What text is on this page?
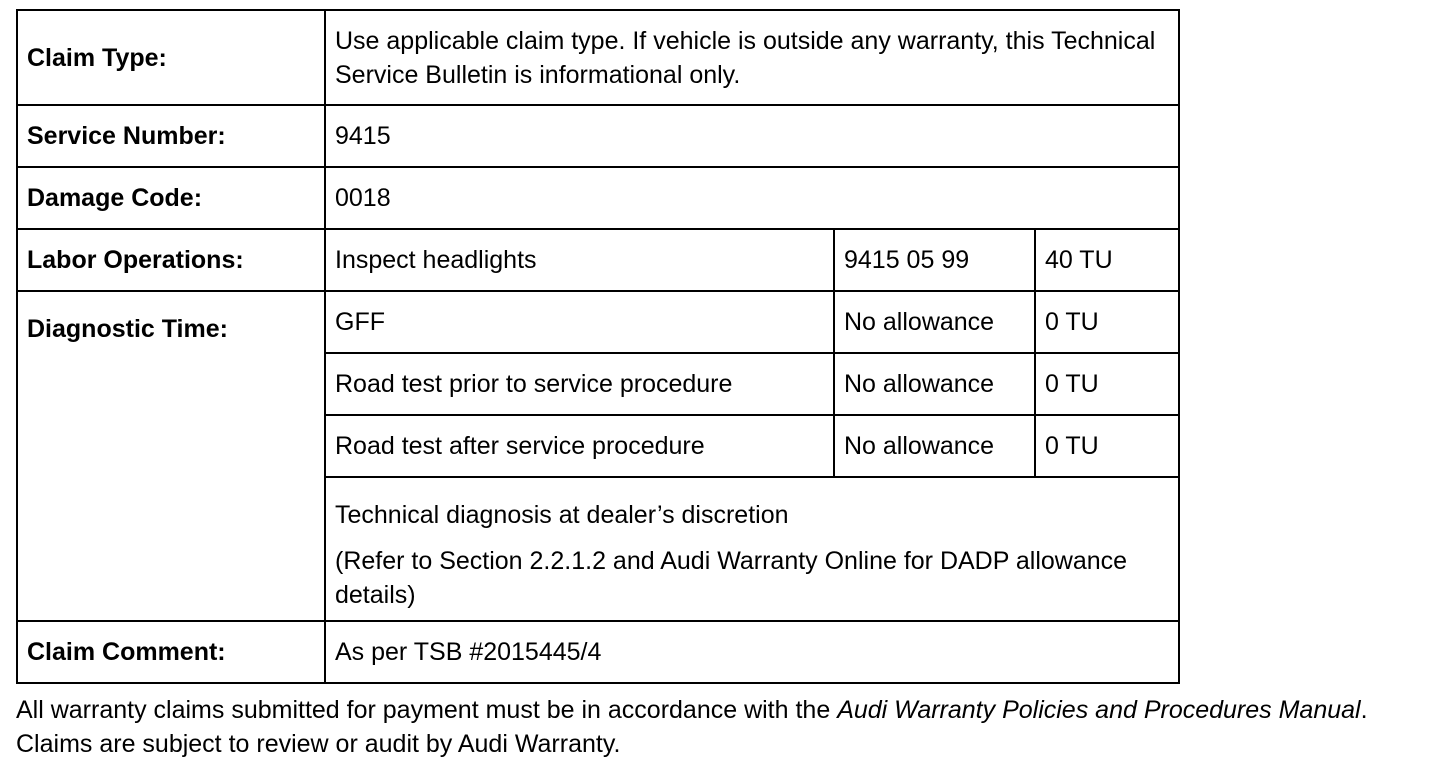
Claim Type:	Use applicable claim type. If vehicle is outside any warranty, this Technical Service Bulletin is informational only.		
Service Number:	9415		
Damage Code:	0018		
Labor Operations:	Inspect headlights	9415 05 99	40 TU
Diagnostic Time:	GFF	No allowance	0 TU
	Road test prior to service procedure	No allowance	0 TU
	Road test after service procedure	No allowance	0 TU

	Technical diagnosis at dealer’s discretion
(Refer to Section 2.2.1.2 and Audi Warranty Online for DADP allowance details)		

Claim Comment:	As per TSB #2015445/4		

All warranty claims submitted for payment must be in accordance with the Audi Warranty Policies and Procedures Manual. Claims are subject to review or audit by Audi Warranty.
